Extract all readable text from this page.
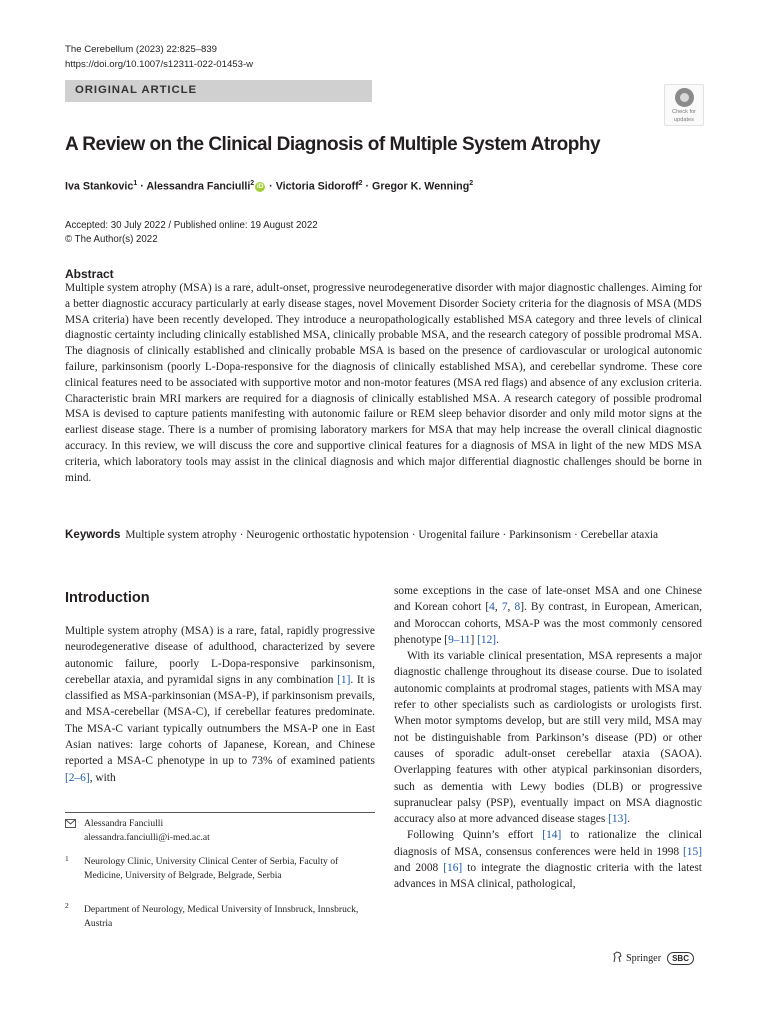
The Cerebellum (2023) 22:825–839
https://doi.org/10.1007/s12311-022-01453-w
ORIGINAL ARTICLE
Check for
updates
A Review on the Clinical Diagnosis of Multiple System Atrophy
Iva Stankovic$^1$ · Alessandra Fanciulli$^2$ iD · Victoria Sidoroff$^2$ · Gregor K. Wenning$^2$
Accepted: 30 July 2022 / Published online: 19 August 2022
© The Author(s) 2022
Abstract
Multiple system atrophy (MSA) is a rare, adult-onset, progressive neurodegenerative disorder with major diagnostic challenges. Aiming for a better diagnostic accuracy particularly at early disease stages, novel Movement Disorder Society criteria for the diagnosis of MSA (MDS MSA criteria) have been recently developed. They introduce a neuropathologically established MSA category and three levels of clinical diagnostic certainty including clinically established MSA, clinically probable MSA, and the research category of possible prodromal MSA. The diagnosis of clinically established and clinically probable MSA is based on the presence of cardiovascular or urological autonomic failure, parkinsonism (poorly L-Dopa-responsive for the diagnosis of clinically established MSA), and cerebellar syndrome. These core clinical features need to be associated with supportive motor and non-motor features (MSA red flags) and absence of any exclusion criteria. Characteristic brain MRI markers are required for a diagnosis of clinically established MSA. A research category of possible prodromal MSA is devised to capture patients manifesting with autonomic failure or REM sleep behavior disorder and only mild motor signs at the earliest disease stage. There is a number of promising laboratory markers for MSA that may help increase the overall clinical diagnostic accuracy. In this review, we will discuss the core and supportive clinical features for a diagnosis of MSA in light of the new MDS MSA criteria, which laboratory tools may assist in the clinical diagnosis and which major differential diagnostic challenges should be borne in mind.
Keywords Multiple system atrophy · Neurogenic orthostatic hypotension · Urogenital failure · Parkinsonism · Cerebellar ataxia
Introduction

Multiple system atrophy (MSA) is a rare, fatal, rapidly progressive neurodegenerative disease of adulthood, characterized by severe autonomic failure, poorly L-Dopa-responsive parkinsonism, cerebellar ataxia, and pyramidal signs in any combination [1]. It is classified as MSA-parkinsonian (MSA-P), if parkinsonism prevails, and MSA-cerebellar (MSA-C), if cerebellar features predominate. The MSA-C variant typically outnumbers the MSA-P one in East Asian natives: large cohorts of Japanese, Korean, and Chinese reported a MSA-C phenotype in up to 73% of examined patients [2–6], with

some exceptions in the case of late-onset MSA and one Chinese and Korean cohort [4, 7, 8]. By contrast, in European, American, and Moroccan cohorts, MSA-P was the most commonly censored phenotype [9–11] [12].

With its variable clinical presentation, MSA represents a major diagnostic challenge throughout its disease course. Due to isolated autonomic complaints at prodromal stages, patients with MSA may refer to other specialists such as cardiologists or urologists first. When motor symptoms develop, but are still very mild, MSA may not be distinguishable from Parkinson’s disease (PD) or other causes of sporadic adult-onset cerebellar ataxia (SAOA). Overlapping features with other atypical parkinsonian disorders, such as dementia with Lewy bodies (DLB) or progressive supranuclear palsy (PSP), eventually impact on MSA diagnostic accuracy also at more advanced disease stages [13].

Following Quinn’s effort [14] to rationalize the clinical diagnosis of MSA, consensus conferences were held in 1998 [15] and 2008 [16] to integrate the diagnostic criteria with the latest advances in MSA clinical, pathological,

Alessandra Fanciulli
alessandra.fanciulli@i-med.ac.at
1 Neurology Clinic, University Clinical Center of Serbia, Faculty of Medicine, University of Belgrade, Belgrade, Serbia
2 Department of Neurology, Medical University of Innsbruck, Innsbruck, Austria
Springer SBC
